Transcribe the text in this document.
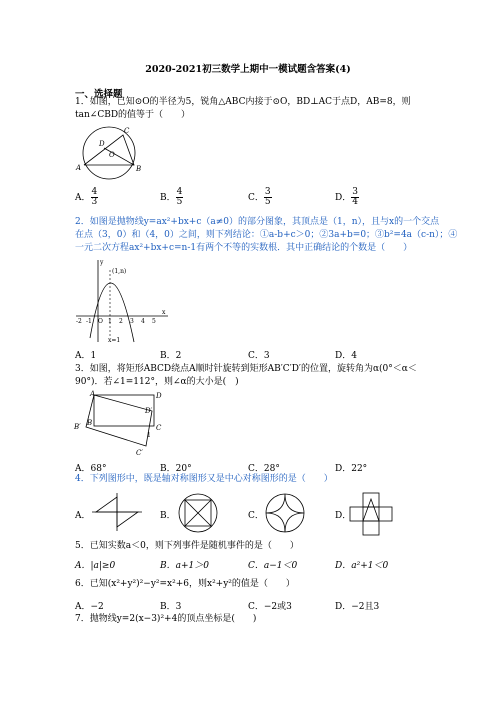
2020-2021初三数学上期中一模试题含答案(4)
一、选择题
1．如图，已知⊙O的半径为5，锐角△ABC内接于⊙O，BD⊥AC于点D，AB=8，则
tan∠CBD的值等于（　　）
C
D
O
B
A
A． $\frac{4}{3}$	B． $\frac{4}{5}$	C． $\frac{3}{5}$	D． $\frac{3}{4}$
2．如图是抛物线y=ax²+bx+c（a≠0）的部分图象，其顶点是（1，n），且与x的一个交点
在点（3，0）和（4，0）之间，则下列结论：①a-b+c＞0；②3a+b=0；③b²=4a（c-n）；④
一元二次方程ax²+bx+c=n-1有两个不等的实数根．其中正确结论的个数是（　　）
y
(1,n)
x
-2 -1 O 1 2 3 4 5
x=1
A．1	B．2	C．3	D．4
3．如图，将矩形ABCD绕点A顺时针旋转到矩形AB′C′D′的位置，旋转角为α(0°＜α＜
90°)．若∠1=112°，则∠α的大小是(　)
A	D
D′
B′ B
C
1
C′
A．68°	B．20°	C．28°	D．22°
4．下列图形中，既是轴对称图形又是中心对称图形的是（　　）
A．	B．	C．	D．
5．已知实数a＜0，则下列事件是随机事件的是（　　）
A．|a|≥0	B．a+1＞0	C．a−1＜0	D．a²+1＜0
6．已知(x²+y²)²−y²=x²+6，则x²+y²的值是（　　）
A．−2	B．3	C．−2或3	D．−2且3
7．抛物线y=2(x−3)²+4的顶点坐标是(　　)
